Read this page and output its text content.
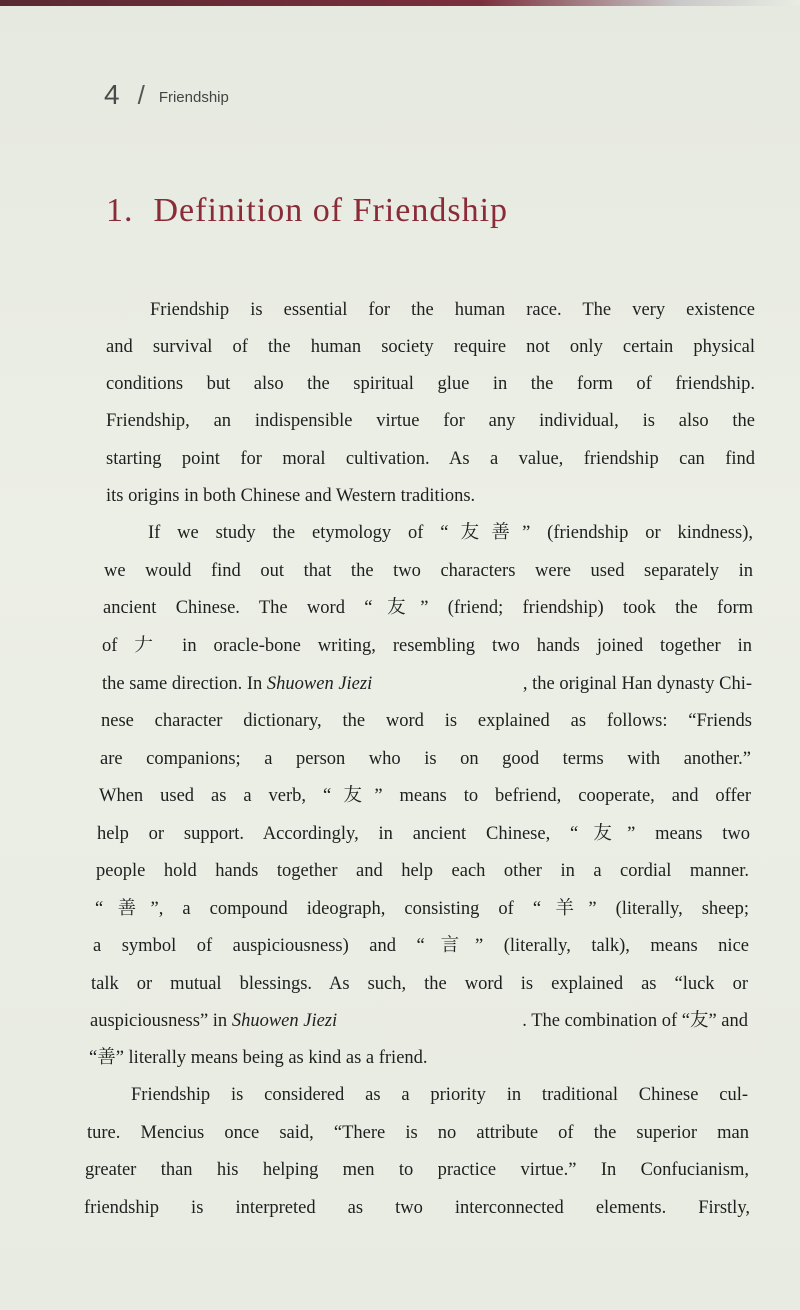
4 / Friendship
1. Definition of Friendship
Friendship is essential for the human race. The very existence
and survival of the human society require not only certain physical
conditions but also the spiritual glue in the form of friendship.
Friendship, an indispensible virtue for any individual, is also the
starting point for moral cultivation. As a value, friendship can find
its origins in both Chinese and Western traditions.
If we study the etymology of “友善” (friendship or kindness),
we would find out that the two characters were used separately in
ancient Chinese. The word “友” (friend; friendship) took the form
of 𠂇 in oracle-bone writing, resembling two hands joined together in
the same direction. In Shuowen Jiezi	, the original Han dynasty Chi-
nese character dictionary, the word is explained as follows: “Friends
are companions; a person who is on good terms with another.”
When used as a verb, “友” means to befriend, cooperate, and offer
help or support. Accordingly, in ancient Chinese, “友” means two
people hold hands together and help each other in a cordial manner.
“善”, a compound ideograph, consisting of “羊” (literally, sheep;
a symbol of auspiciousness) and “言” (literally, talk), means nice
talk or mutual blessings. As such, the word is explained as “luck or
auspiciousness” in Shuowen Jiezi	. The combination of “友” and
“善” literally means being as kind as a friend.
Friendship is considered as a priority in traditional Chinese cul-
ture. Mencius once said, “There is no attribute of the superior man
greater than his helping men to practice virtue.” In Confucianism,
friendship is interpreted as two interconnected elements. Firstly,
